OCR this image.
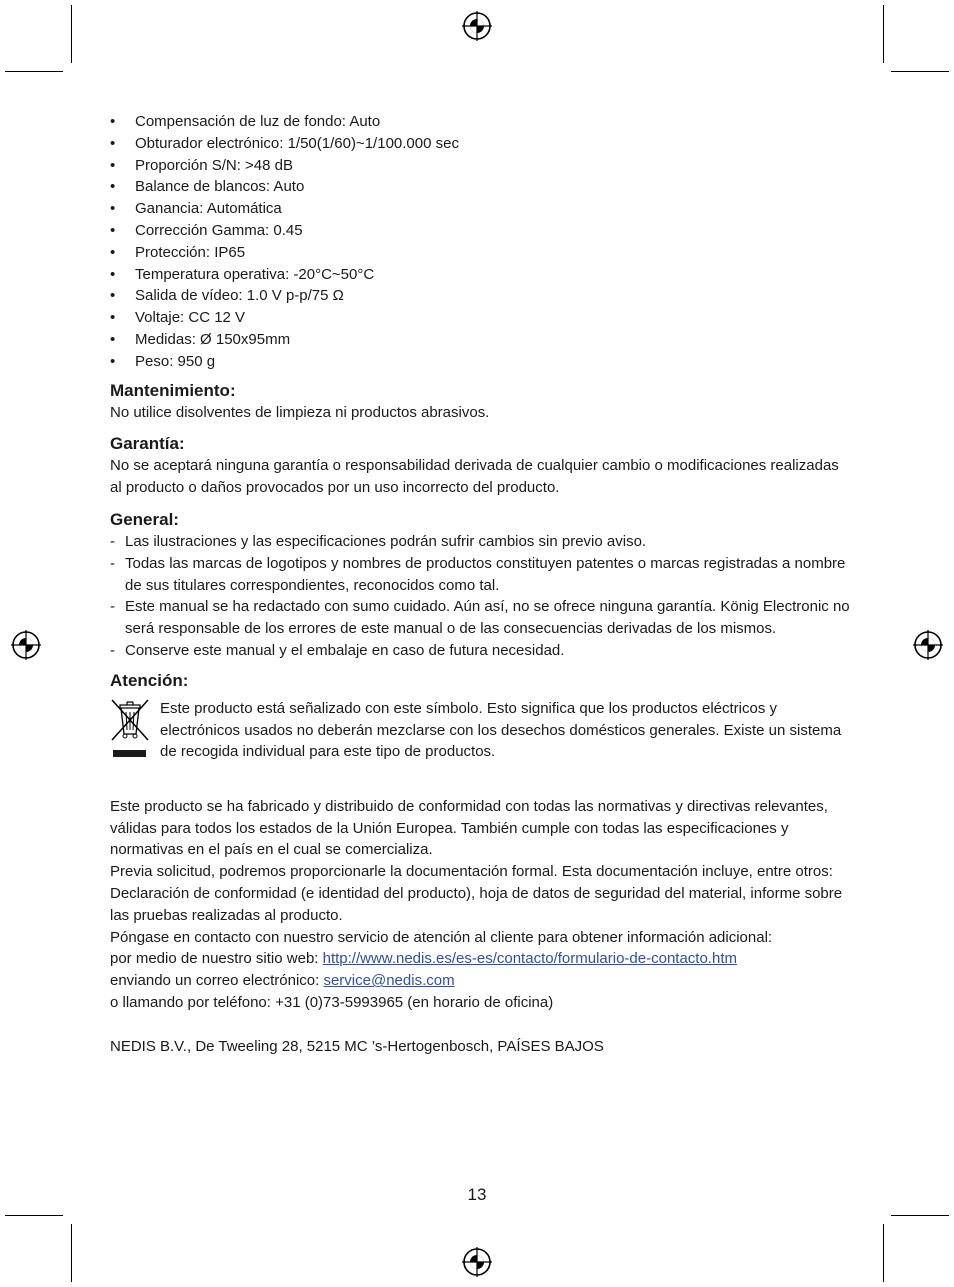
• Compensación de luz de fondo: Auto
• Obturador electrónico: 1/50(1/60)~1/100.000 sec
• Proporción S/N: >48 dB
• Balance de blancos: Auto
• Ganancia: Automática
• Corrección Gamma: 0.45
• Protección: IP65
• Temperatura operativa: -20°C~50°C
• Salida de vídeo: 1.0 V p-p/75 Ω
• Voltaje: CC 12 V
• Medidas: Ø 150x95mm
• Peso: 950 g
Mantenimiento:

No utilice disolventes de limpieza ni productos abrasivos.

Garantía:

No se aceptará ninguna garantía o responsabilidad derivada de cualquier cambio o modificaciones realizadas al producto o daños provocados por un uso incorrecto del producto.

General:
- Las ilustraciones y las especificaciones podrán sufrir cambios sin previo aviso.
- Todas las marcas de logotipos y nombres de productos constituyen patentes o marcas registradas a nombre de sus titulares correspondientes, reconocidos como tal.
- Este manual se ha redactado con sumo cuidado. Aún así, no se ofrece ninguna garantía. König Electronic no será responsable de los errores de este manual o de las consecuencias derivadas de los mismos.
- Conserve este manual y el embalaje en caso de futura necesidad.
Atención:

Este producto está señalizado con este símbolo. Esto significa que los productos eléctricos y electrónicos usados no deberán mezclarse con los desechos domésticos generales. Existe un sistema de recogida individual para este tipo de productos.

Este producto se ha fabricado y distribuido de conformidad con todas las normativas y directivas relevantes, válidas para todos los estados de la Unión Europea. También cumple con todas las especificaciones y normativas en el país en el cual se comercializa.

Previa solicitud, podremos proporcionarle la documentación formal. Esta documentación incluye, entre otros: Declaración de conformidad (e identidad del producto), hoja de datos de seguridad del material, informe sobre las pruebas realizadas al producto.

Póngase en contacto con nuestro servicio de atención al cliente para obtener información adicional:

por medio de nuestro sitio web: http://www.nedis.es/es-es/contacto/formulario-de-contacto.htm

enviando un correo electrónico: service@nedis.com

o llamando por teléfono: +31 (0)73-5993965 (en horario de oficina)

NEDIS B.V., De Tweeling 28, 5215 MC ’s-Hertogenbosch, PAÍSES BAJOS

13
